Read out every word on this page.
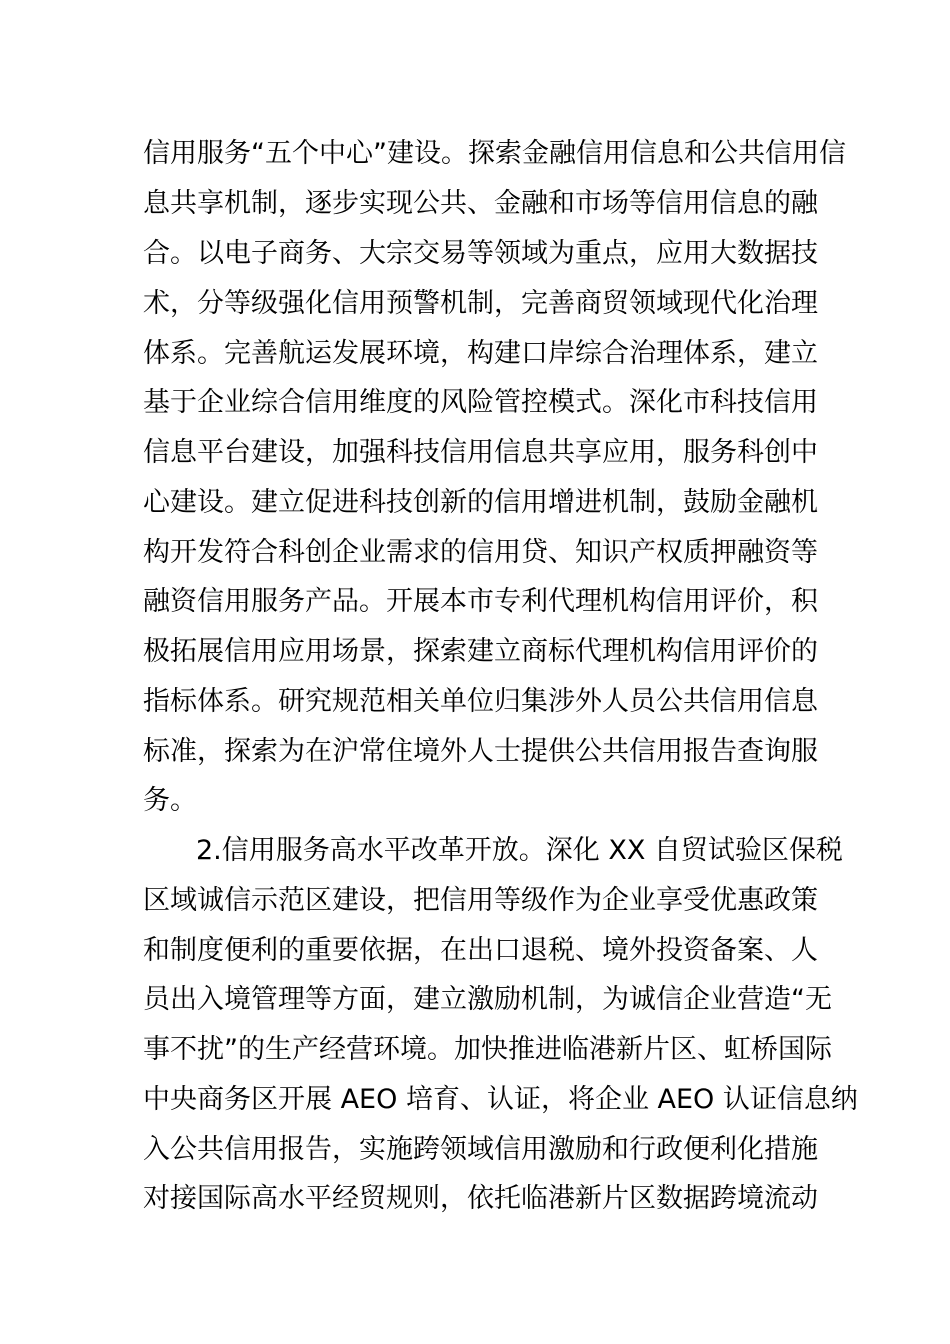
信用服务“五个中心”建设。探索金融信用信息和公共信用信
息共享机制，逐步实现公共、金融和市场等信用信息的融
合。以电子商务、大宗交易等领域为重点，应用大数据技
术，分等级强化信用预警机制，完善商贸领域现代化治理
体系。完善航运发展环境，构建口岸综合治理体系，建立
基于企业综合信用维度的风险管控模式。深化市科技信用
信息平台建设，加强科技信用信息共享应用，服务科创中
心建设。建立促进科技创新的信用增进机制，鼓励金融机
构开发符合科创企业需求的信用贷、知识产权质押融资等
融资信用服务产品。开展本市专利代理机构信用评价，积
极拓展信用应用场景，探索建立商标代理机构信用评价的
指标体系。研究规范相关单位归集涉外人员公共信用信息
标准，探索为在沪常住境外人士提供公共信用报告查询服
务。
2.信用服务高水平改革开放。深化 XX 自贸试验区保税
区域诚信示范区建设，把信用等级作为企业享受优惠政策
和制度便利的重要依据，在出口退税、境外投资备案、人
员出入境管理等方面，建立激励机制，为诚信企业营造“无
事不扰”的生产经营环境。加快推进临港新片区、虹桥国际
中央商务区开展 AEO 培育、认证，将企业 AEO 认证信息纳
入公共信用报告，实施跨领域信用激励和行政便利化措施
对接国际高水平经贸规则，依托临港新片区数据跨境流动
